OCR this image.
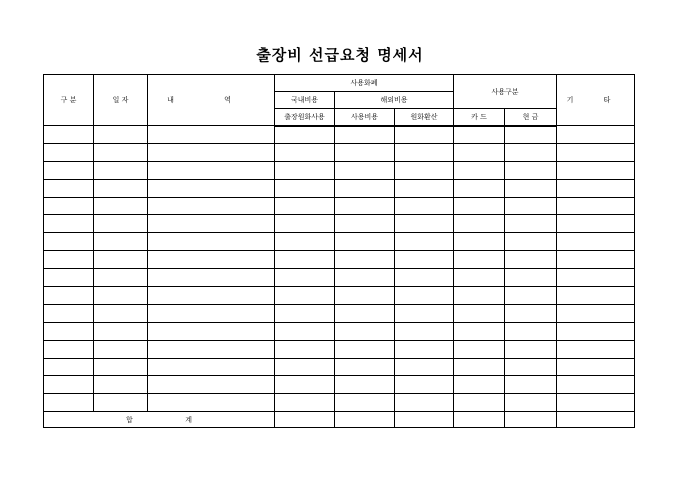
출장비 선급요청 명세서
구 분	일 자	내 역	사용화폐			사용구분		기 타
			국내비용	해외비용				
			출장원화사용	사용비용	원화환산	카 드	현 금	

합 계								
